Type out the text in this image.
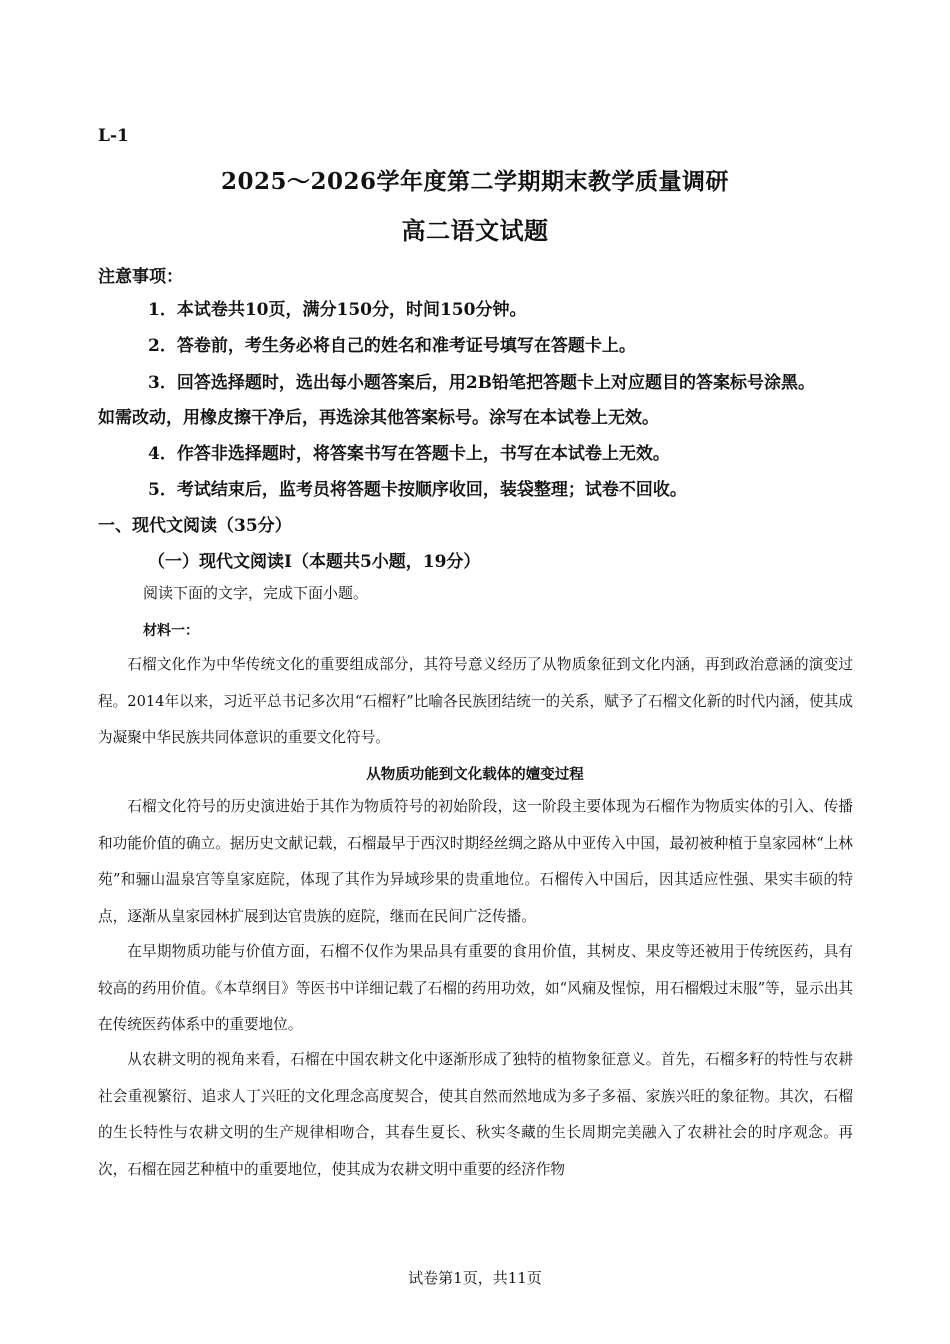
L-1
2025～2026学年度第二学期期末教学质量调研
高二语文试题
注意事项：
1．本试卷共10页，满分150分，时间150分钟。
2．答卷前，考生务必将自己的姓名和准考证号填写在答题卡上。
3．回答选择题时，选出每小题答案后，用2B铅笔把答题卡上对应题目的答案标号涂黑。
如需改动，用橡皮擦干净后，再选涂其他答案标号。涂写在本试卷上无效。
4．作答非选择题时，将答案书写在答题卡上，书写在本试卷上无效。
5．考试结束后，监考员将答题卡按顺序收回，装袋整理；试卷不回收。
一、现代文阅读（35分）
（一）现代文阅读I（本题共5小题，19分）
阅读下面的文字，完成下面小题。
材料一：

石榴文化作为中华传统文化的重要组成部分，其符号意义经历了从物质象征到文化内涵，再到政治意涵的演变过程。2014年以来，习近平总书记多次用“石榴籽”比喻各民族团结统一的关系，赋予了石榴文化新的时代内涵，使其成为凝聚中华民族共同体意识的重要文化符号。

从物质功能到文化载体的嬗变过程

石榴文化符号的历史演进始于其作为物质符号的初始阶段，这一阶段主要体现为石榴作为物质实体的引入、传播和功能价值的确立。据历史文献记载，石榴最早于西汉时期经丝绸之路从中亚传入中国，最初被种植于皇家园林“上林苑”和骊山温泉宫等皇家庭院，体现了其作为异域珍果的贵重地位。石榴传入中国后，因其适应性强、果实丰硕的特点，逐渐从皇家园林扩展到达官贵族的庭院，继而在民间广泛传播。

在早期物质功能与价值方面，石榴不仅作为果品具有重要的食用价值，其树皮、果皮等还被用于传统医药，具有较高的药用价值。《本草纲目》等医书中详细记载了石榴的药用功效，如“风痫及惺惊，用石榴煅过末服”等，显示出其在传统医药体系中的重要地位。

从农耕文明的视角来看，石榴在中国农耕文化中逐渐形成了独特的植物象征意义。首先，石榴多籽的特性与农耕社会重视繁衍、追求人丁兴旺的文化理念高度契合，使其自然而然地成为多子多福、家族兴旺的象征物。其次，石榴的生长特性与农耕文明的生产规律相吻合，其春生夏长、秋实冬藏的生长周期完美融入了农耕社会的时序观念。再次，石榴在园艺种植中的重要地位，使其成为农耕文明中重要的经济作物

试卷第1页，共11页
